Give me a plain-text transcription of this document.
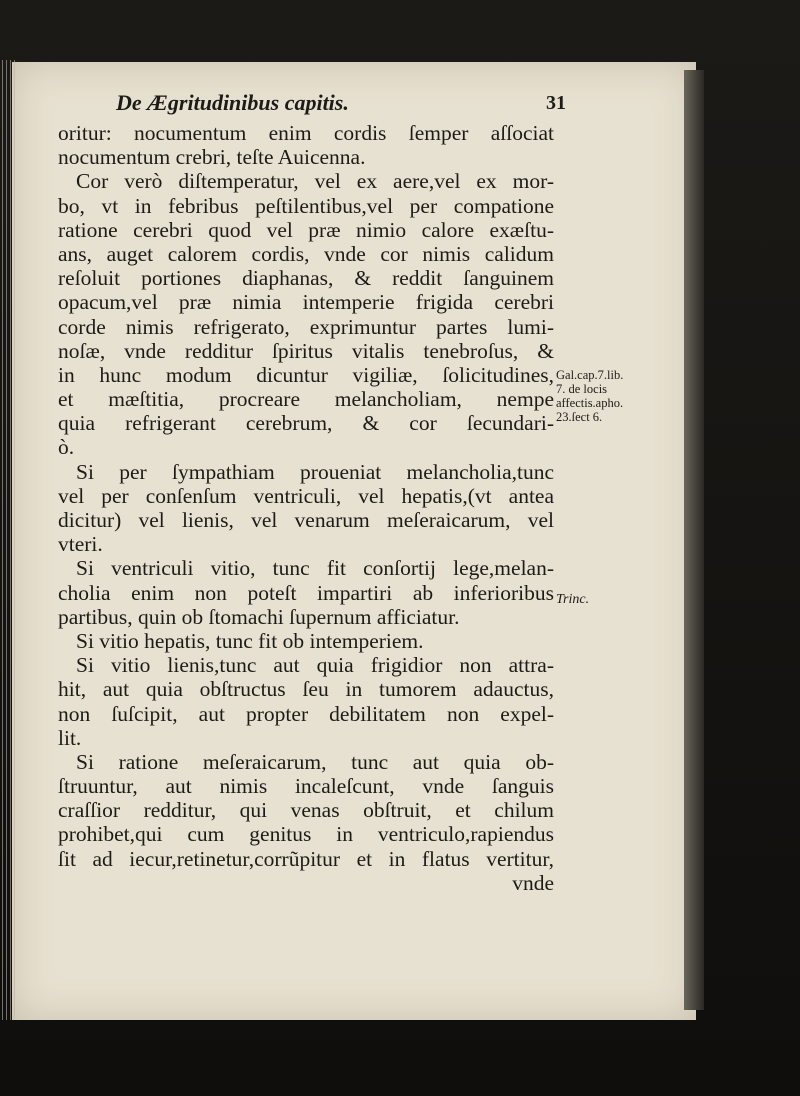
De Ægritudinibus capitis.	31
oritur: nocumentum enim cordis ſemper aſſociat
nocumentum crebri, teſte Auicenna.
Cor verò diſtemperatur, vel ex aere,vel ex mor-
bo, vt in febribus peſtilentibus,vel per compatione
ratione cerebri quod vel præ nimio calore exæſtu-
ans, auget calorem cordis, vnde cor nimis calidum
reſoluit portiones diaphanas, & reddit ſanguinem
opacum,vel præ nimia intemperie frigida cerebri
corde nimis refrigerato, exprimuntur partes lumi-
noſæ, vnde redditur ſpiritus vitalis tenebroſus, &
in hunc modum dicuntur vigiliæ, ſolicitudines,
et mæſtitia, procreare melancholiam, nempe
quia refrigerant cerebrum, & cor ſecundari-
ò.
Si per ſympathiam proueniat melancholia,tunc
vel per conſenſum ventriculi, vel hepatis,(vt antea
dicitur) vel lienis, vel venarum meſeraicarum, vel
vteri.
Si ventriculi vitio, tunc fit conſortij lege,melan-
cholia enim non poteſt impartiri ab inferioribus
partibus, quin ob ſtomachi ſupernum afficiatur.
Si vitio hepatis, tunc fit ob intemperiem.
Si vitio lienis,tunc aut quia frigidior non attra-
hit, aut quia obſtructus ſeu in tumorem adauctus,
non ſuſcipit, aut propter debilitatem non expel-
lit.
Si ratione meſeraicarum, tunc aut quia ob-
ſtruuntur, aut nimis incaleſcunt, vnde ſanguis
craſſior redditur, qui venas obſtruit, et chilum
prohibet,qui cum genitus in ventriculo,rapiendus
ſit ad iecur,retinetur,corrũpitur et in flatus vertitur,
vnde
Gal.cap.7.lib.
7. de locis
affectis.apho.
23.ſect 6.
Trinc.
